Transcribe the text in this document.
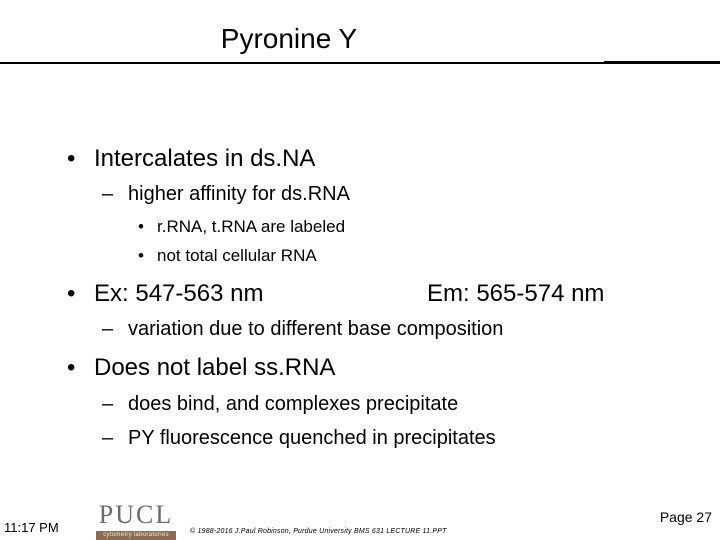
Pyronine Y
• Intercalates in ds.NA
– higher affinity for ds.RNA
• r.RNA, t.RNA are labeled
• not total cellular RNA
• Ex: 547-563 nm	Em: 565-574 nm
– variation due to different base composition
• Does not label ss.RNA
– does bind, and complexes precipitate
– PY fluorescence quenched in precipitates
11:17 PM PUCL
cytometry laboratories	© 1988-2016 J.Paul Robinson, Purdue University BMS 631 LECTURE 11.PPT
Page 27
